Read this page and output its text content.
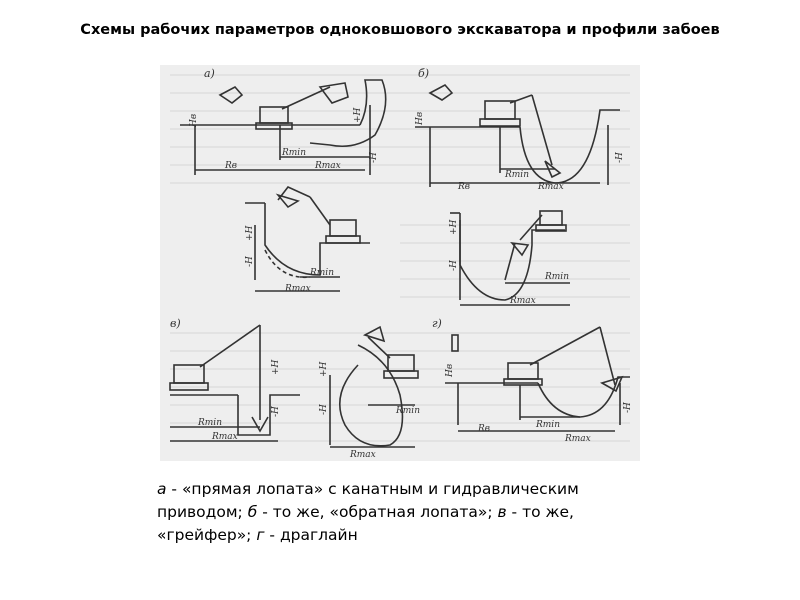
Схемы рабочих параметров одноковшового экскаватора и профили забоев
а)
Hв	+H
-H
Rmin
Rв	Rmax
б)
Hв
-H
Rmin
Rв	Rmax
+H
-H
Rmin
Rmax
+H
-H
Rmin
Rmax
в)
+H
-H
Rmin
Rmax
+H
-H	Rmin
Rmax
г)
Hв
-H
Rmin
Rв
Rmax
а - «прямая лопата» с канатным и гидравлическим приводом; б - то же, «обратная лопата»; в - то же, «грейфер»; г - драглайн
